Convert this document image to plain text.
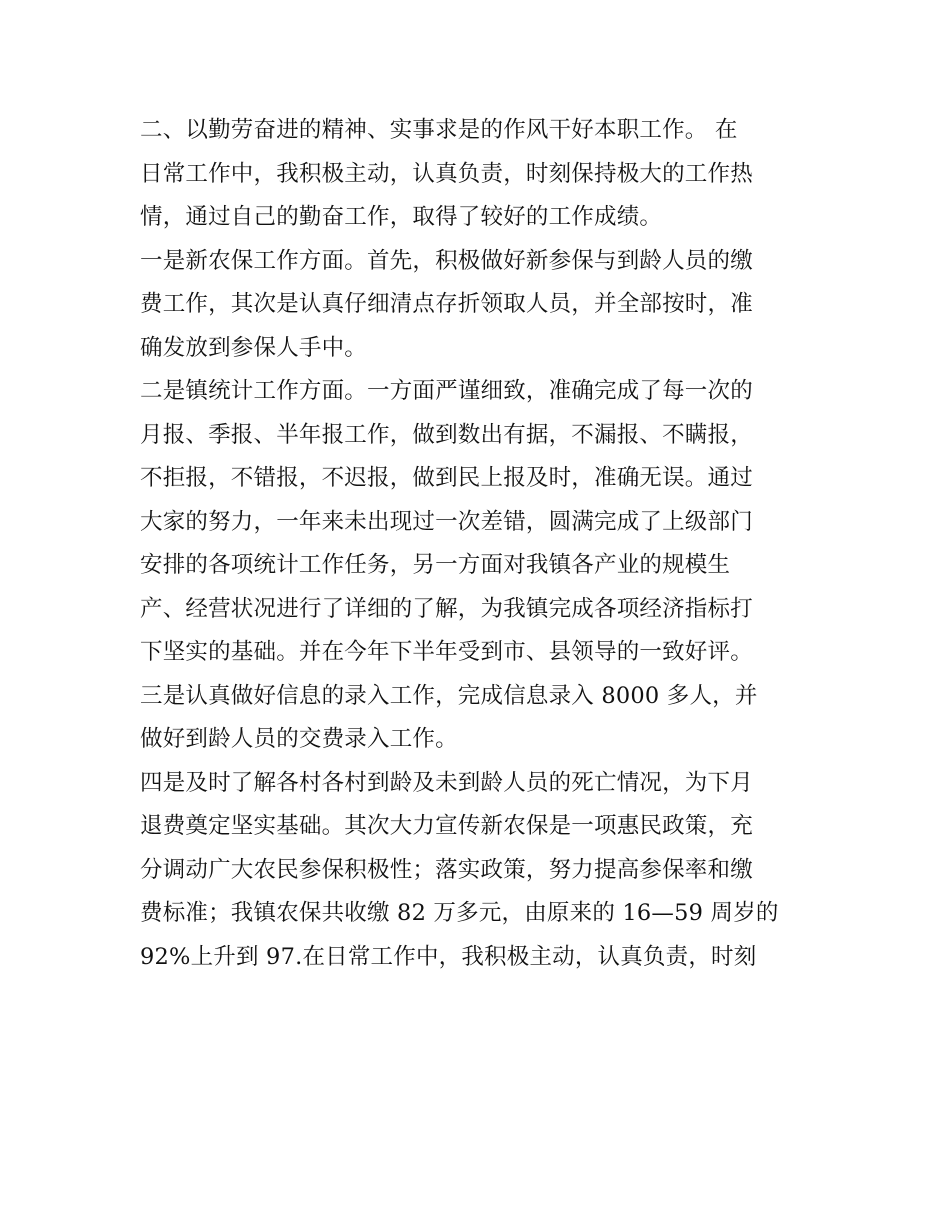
二、以勤劳奋进的精神、实事求是的作风干好本职工作。 在
日常工作中，我积极主动，认真负责，时刻保持极大的工作热
情，通过自己的勤奋工作，取得了较好的工作成绩。
一是新农保工作方面。首先，积极做好新参保与到龄人员的缴
费工作，其次是认真仔细清点存折领取人员，并全部按时，准
确发放到参保人手中。
二是镇统计工作方面。一方面严谨细致，准确完成了每一次的
月报、季报、半年报工作，做到数出有据，不漏报、不瞒报，
不拒报，不错报，不迟报，做到民上报及时，准确无误。通过
大家的努力，一年来未出现过一次差错，圆满完成了上级部门
安排的各项统计工作任务，另一方面对我镇各产业的规模生
产、经营状况进行了详细的了解，为我镇完成各项经济指标打
下坚实的基础。并在今年下半年受到市、县领导的一致好评。
三是认真做好信息的录入工作，完成信息录入 8000 多人，并
做好到龄人员的交费录入工作。
四是及时了解各村各村到龄及未到龄人员的死亡情况，为下月
退费奠定坚实基础。其次大力宣传新农保是一项惠民政策，充
分调动广大农民参保积极性；落实政策，努力提高参保率和缴
费标准；我镇农保共收缴 82 万多元，由原来的 16—59 周岁的
92%上升到 97.在日常工作中，我积极主动，认真负责，时刻
